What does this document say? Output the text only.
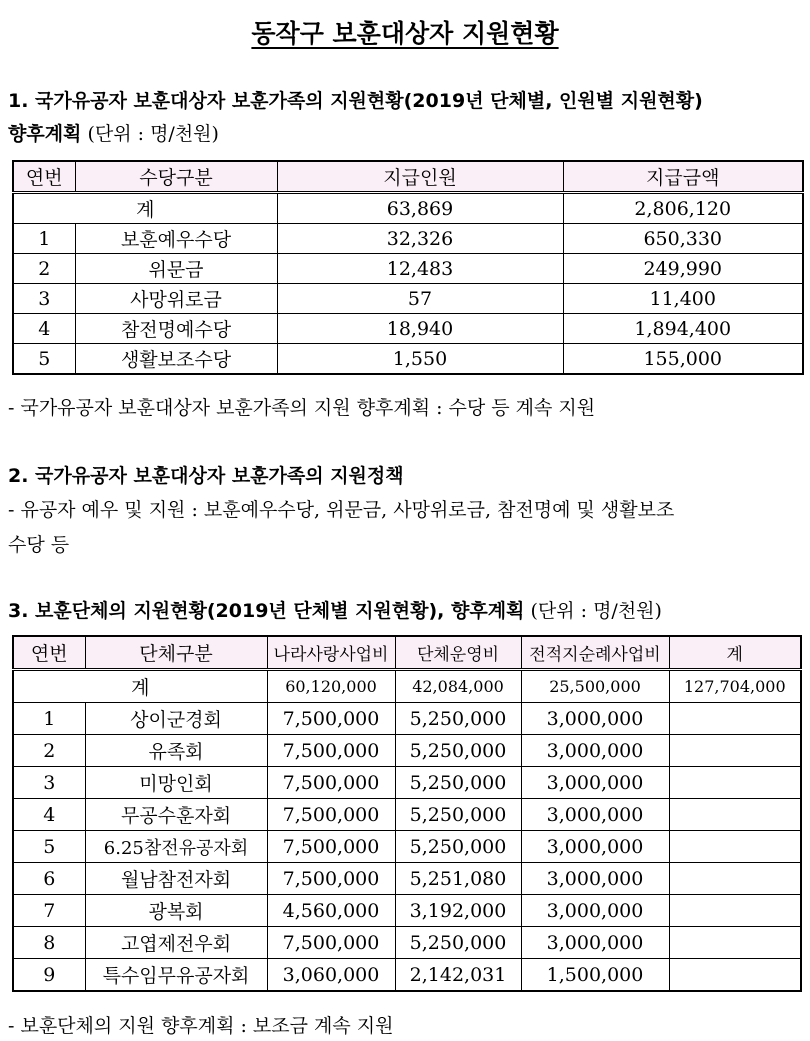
동작구 보훈대상자 지원현황
1. 국가유공자 보훈대상자 보훈가족의 지원현황(2019년 단체별, 인원별 지원현황)
향후계획 (단위 : 명/천원)
연번	수당구분	지급인원	지급금액
계		63,869	2,806,120
1	보훈예우수당	32,326	650,330
2	위문금	12,483	249,990
3	사망위로금	57	11,400
4	참전명예수당	18,940	1,894,400
5	생활보조수당	1,550	155,000
- 국가유공자 보훈대상자 보훈가족의 지원 향후계획 : 수당 등 계속 지원
2. 국가유공자 보훈대상자 보훈가족의 지원정책
- 유공자 예우 및 지원 : 보훈예우수당, 위문금, 사망위로금, 참전명예 및 생활보조
수당 등
3. 보훈단체의 지원현황(2019년 단체별 지원현황), 향후계획 (단위 : 명/천원)
연번	단체구분	나라사랑사업비	단체운영비	전적지순례사업비	계
계		60,120,000	42,084,000	25,500,000	127,704,000
1	상이군경회	7,500,000	5,250,000	3,000,000	
2	유족회	7,500,000	5,250,000	3,000,000	
3	미망인회	7,500,000	5,250,000	3,000,000	
4	무공수훈자회	7,500,000	5,250,000	3,000,000	
5	6.25참전유공자회	7,500,000	5,250,000	3,000,000	
6	월남참전자회	7,500,000	5,251,080	3,000,000	
7	광복회	4,560,000	3,192,000	3,000,000	
8	고엽제전우회	7,500,000	5,250,000	3,000,000	
9	특수임무유공자회	3,060,000	2,142,031	1,500,000	
- 보훈단체의 지원 향후계획 : 보조금 계속 지원
